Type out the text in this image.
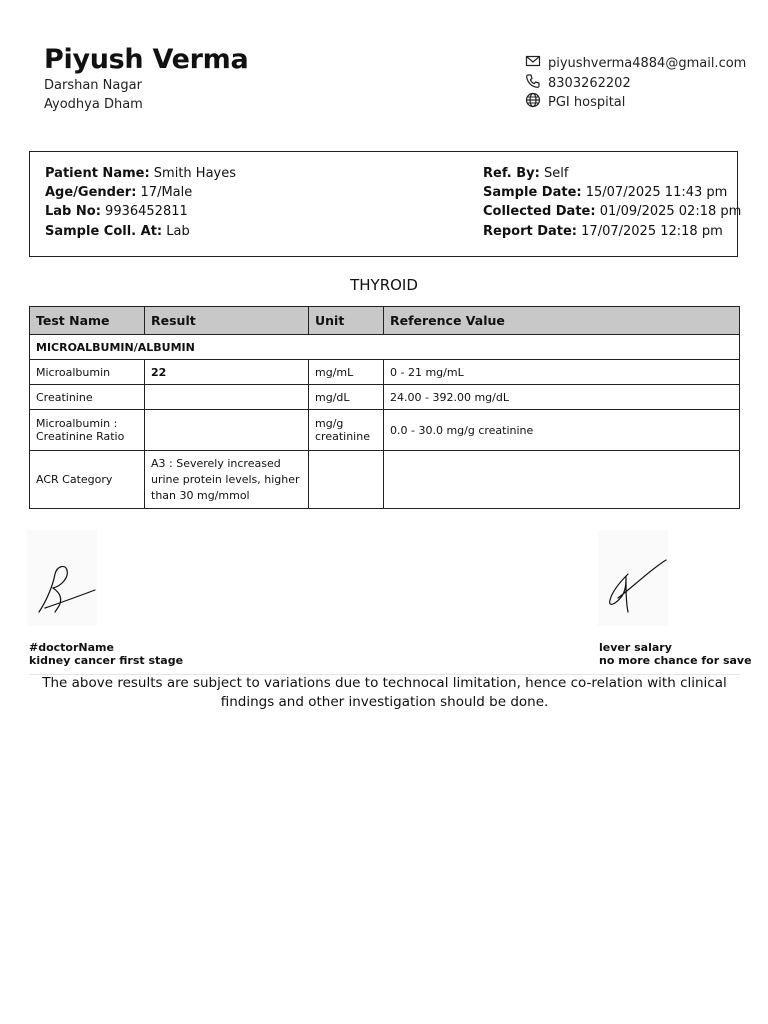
Piyush Verma
Darshan Nagar
Ayodhya Dham
piyushverma4884@gmail.com
8303262202
PGI hospital
Patient Name: Smith Hayes
Age/Gender: 17/Male
Lab No: 9936452811
Sample Coll. At: Lab
Ref. By: Self
Sample Date: 15/07/2025 11:43 pm
Collected Date: 01/09/2025 02:18 pm
Report Date: 17/07/2025 12:18 pm
THYROID
Test Name	Result	Unit	Reference Value
MICROALBUMIN/ALBUMIN			
Microalbumin	22	mg/mL	0 - 21 mg/mL
Creatinine		mg/dL	24.00 - 392.00 mg/dL
Microalbumin : Creatinine Ratio		mg/g creatinine	0.0 - 30.0 mg/g creatinine
ACR Category	A3 : Severely increased urine protein levels, higher than 30 mg/mmol		
#doctorName
kidney cancer first stage
lever salary
no more chance for save
The above results are subject to variations due to technocal limitation, hence co-relation with clinical findings and other investigation should be done.
